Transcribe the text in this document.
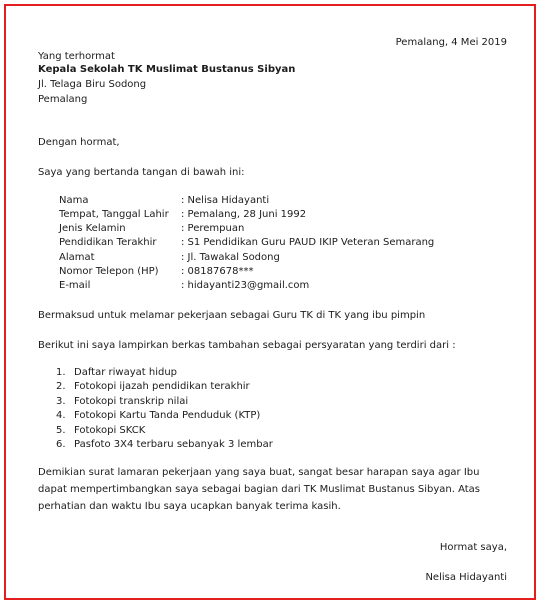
Pemalang, 4 Mei 2019
Yang terhormat
Kepala Sekolah TK Muslimat Bustanus Sibyan
Jl. Telaga Biru Sodong
Pemalang
Dengan hormat,
Saya yang bertanda tangan di bawah ini:
Nama	: Nelisa Hidayanti
Tempat, Tanggal Lahir : Pemalang, 28 Juni 1992
Jenis Kelamin	: Perempuan
Pendidikan Terakhir : S1 Pendidikan Guru PAUD IKIP Veteran Semarang
Alamat	: Jl. Tawakal Sodong
Nomor Telepon (HP) : 08187678***
E-mail	: hidayanti23@gmail.com
Bermaksud untuk melamar pekerjaan sebagai Guru TK di TK yang ibu pimpin
Berikut ini saya lampirkan berkas tambahan sebagai persyaratan yang terdiri dari :
1. Daftar riwayat hidup
2. Fotokopi ijazah pendidikan terakhir
3. Fotokopi transkrip nilai
4. Fotokopi Kartu Tanda Penduduk (KTP)
5. Fotokopi SKCK
6. Pasfoto 3X4 terbaru sebanyak 3 lembar
Demikian surat lamaran pekerjaan yang saya buat, sangat besar harapan saya agar Ibu dapat mempertimbangkan saya sebagai bagian dari TK Muslimat Bustanus Sibyan. Atas perhatian dan waktu Ibu saya ucapkan banyak terima kasih.
Hormat saya,
Nelisa Hidayanti
